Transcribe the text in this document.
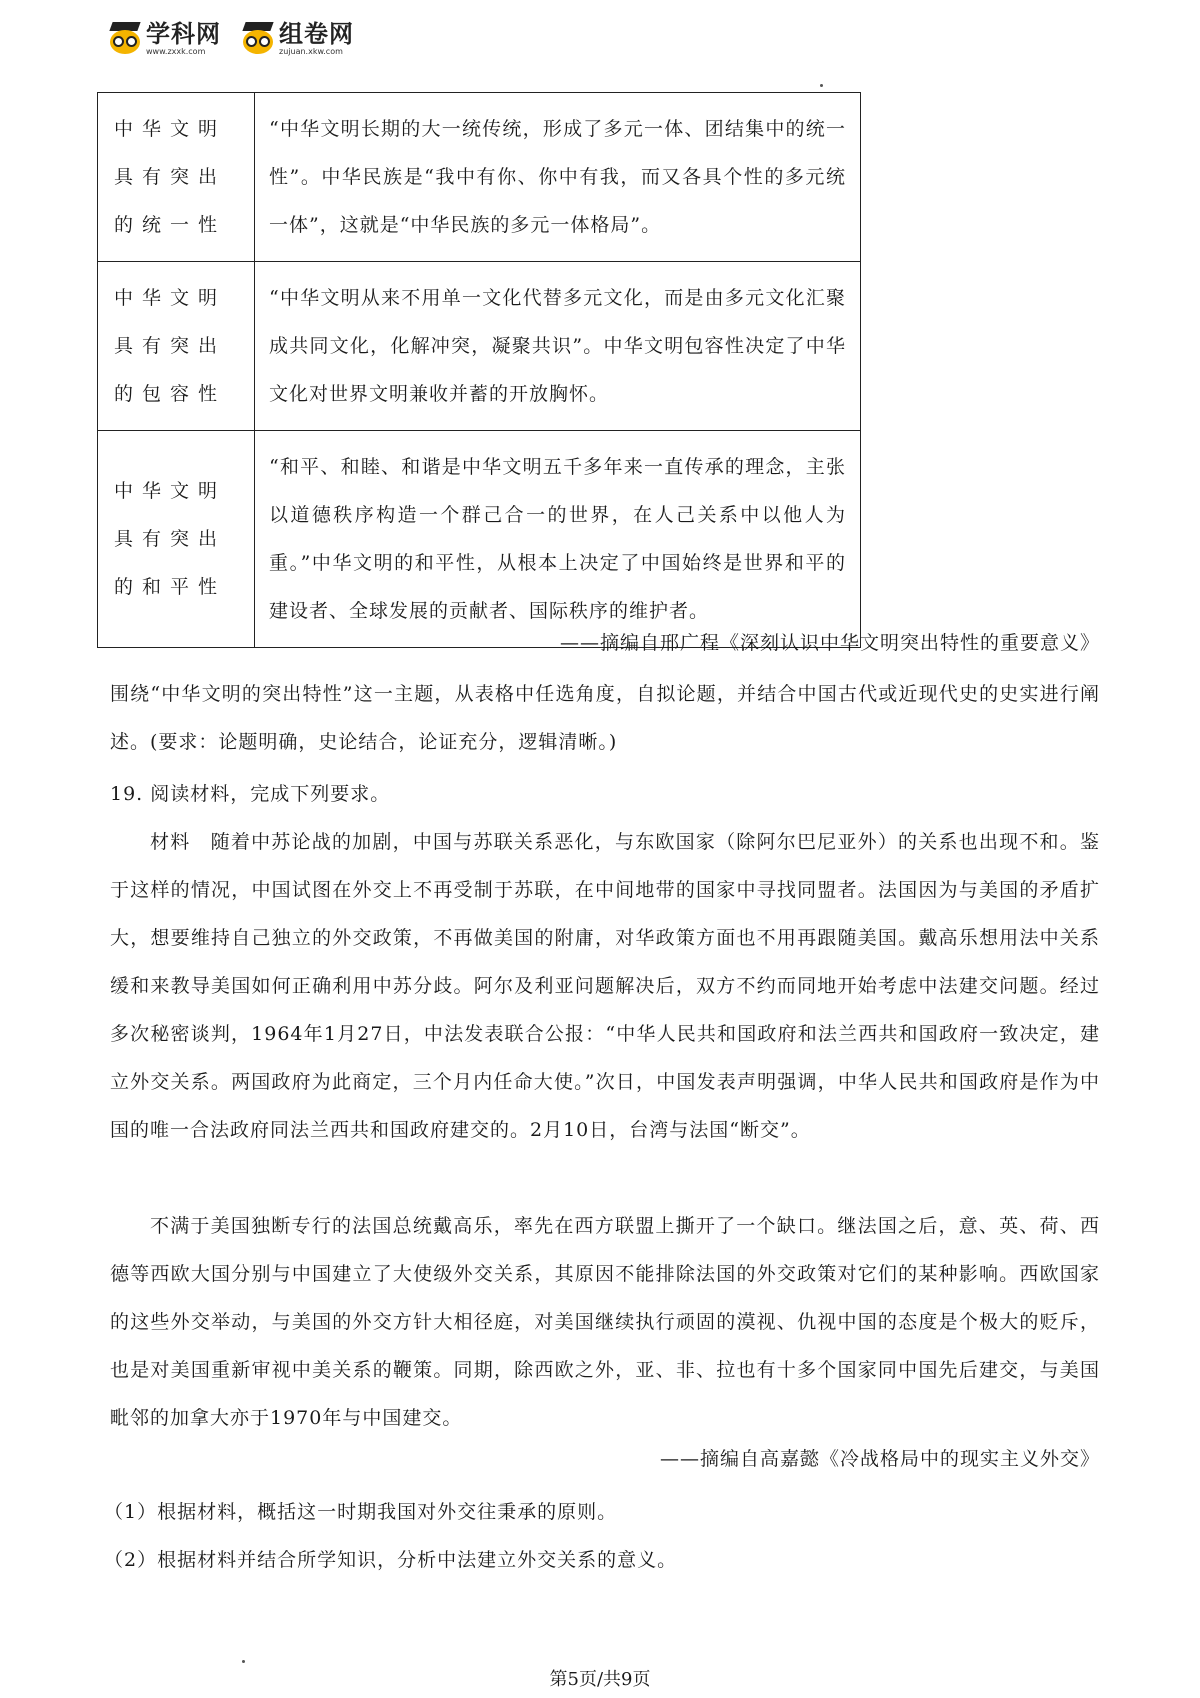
学科网
www.zxxk.com
组卷网
zujuan.xkw.com
中华文明具有突出的统一性	“中华文明长期的大一统传统，形成了多元一体、团结集中的统一性”。中华民族是“我中有你、你中有我，而又各具个性的多元统一体”，这就是“中华民族的多元一体格局”。
中华文明具有突出的包容性	“中华文明从来不用单一文化代替多元文化，而是由多元文化汇聚成共同文化，化解冲突，凝聚共识”。中华文明包容性决定了中华文化对世界文明兼收并蓄的开放胸怀。
中华文明具有突出的和平性	“和平、和睦、和谐是中华文明五千多年来一直传承的理念，主张以道德秩序构造一个群己合一的世界，在人己关系中以他人为重。”中华文明的和平性，从根本上决定了中国始终是世界和平的建设者、全球发展的贡献者、国际秩序的维护者。
——摘编自邢广程《深刻认识中华文明突出特性的重要意义》
围绕“中华文明的突出特性”这一主题，从表格中任选角度，自拟论题，并结合中国古代或近现代史的史实进行阐述。(要求：论题明确，史论结合，论证充分，逻辑清晰。)
19. 阅读材料，完成下列要求。
材料　随着中苏论战的加剧，中国与苏联关系恶化，与东欧国家（除阿尔巴尼亚外）的关系也出现不和。鉴于这样的情况，中国试图在外交上不再受制于苏联，在中间地带的国家中寻找同盟者。法国因为与美国的矛盾扩大，想要维持自己独立的外交政策，不再做美国的附庸，对华政策方面也不用再跟随美国。戴高乐想用法中关系缓和来教导美国如何正确利用中苏分歧。阿尔及利亚问题解决后，双方不约而同地开始考虑中法建交问题。经过多次秘密谈判，1964年1月27日，中法发表联合公报：“中华人民共和国政府和法兰西共和国政府一致决定，建立外交关系。两国政府为此商定，三个月内任命大使。”次日，中国发表声明强调，中华人民共和国政府是作为中国的唯一合法政府同法兰西共和国政府建交的。2月10日，台湾与法国“断交”。
不满于美国独断专行的法国总统戴高乐，率先在西方联盟上撕开了一个缺口。继法国之后，意、英、荷、西德等西欧大国分别与中国建立了大使级外交关系，其原因不能排除法国的外交政策对它们的某种影响。西欧国家的这些外交举动，与美国的外交方针大相径庭，对美国继续执行顽固的漠视、仇视中国的态度是个极大的贬斥，也是对美国重新审视中美关系的鞭策。同期，除西欧之外，亚、非、拉也有十多个国家同中国先后建交，与美国毗邻的加拿大亦于1970年与中国建交。
——摘编自高嘉懿《冷战格局中的现实主义外交》
（1）根据材料，概括这一时期我国对外交往秉承的原则。
（2）根据材料并结合所学知识，分析中法建立外交关系的意义。
第5页/共9页
